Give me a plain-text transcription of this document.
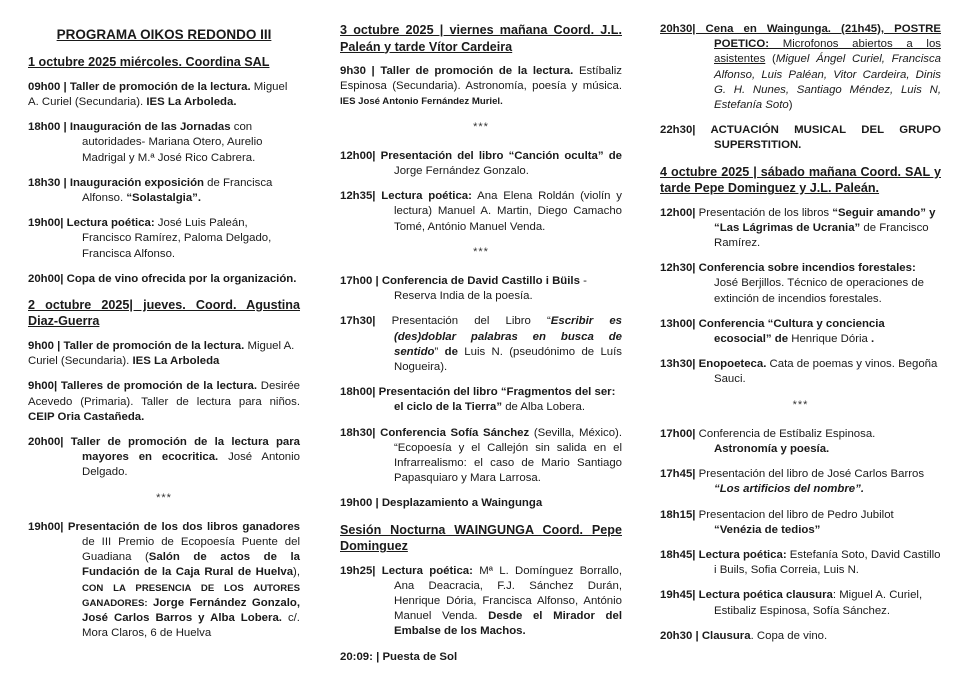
PROGRAMA OIKOS REDONDO III
1 octubre 2025 miércoles. Coordina SAL
09h00 | Taller de promoción de la lectura. Miguel A. Curiel (Secundaria). IES La Arboleda.
18h00 | Inauguración de las Jornadas con autoridades- Mariana Otero, Aurelio Madrigal y M.ª José Rico Cabrera.
18h30 | Inauguración exposición de Francisca Alfonso. “Solastalgia”.
19h00| Lectura poética: José Luis Paleán, Francisco Ramírez, Paloma Delgado, Francisca Alfonso.
20h00| Copa de vino ofrecida por la organización.
2 octubre 2025| jueves. Coord. Agustina Diaz-Guerra
9h00 | Taller de promoción de la lectura. Miguel A. Curiel (Secundaria). IES La Arboleda
9h00| Talleres de promoción de la lectura. Desirée Acevedo (Primaria). Taller de lectura para niños. CEIP Oria Castañeda.
20h00| Taller de promoción de la lectura para mayores en ecocritica. José Antonio Delgado.
***
19h00| Presentación de los dos libros ganadores de III Premio de Ecopoesía Puente del Guadiana (Salón de actos de la Fundación de la Caja Rural de Huelva), CON LA PRESENCIA DE LOS AUTORES GANADORES: Jorge Fernández Gonzalo, José Carlos Barros y Alba Lobera. c/. Mora Claros, 6 de Huelva
3 octubre 2025 | viernes mañana Coord. J.L. Paleán y tarde Vítor Cardeira
9h30 | Taller de promoción de la lectura. Estíbaliz Espinosa (Secundaria). Astronomía, poesía y música. IES José Antonio Fernández Muriel.
***
12h00| Presentación del libro “Canción oculta” de Jorge Fernández Gonzalo.
12h35| Lectura poética: Ana Elena Roldán (violín y lectura) Manuel A. Martin, Diego Camacho Tomé, António Manuel Venda.
***
17h00 | Conferencia de David Castillo i Büils -Reserva India de la poesía.
17h30| Presentación del Libro “Escribir es (des)doblar palabras en busca de sentido” de Luis N. (pseudónimo de Luís Nogueira).
18h00| Presentación del libro “Fragmentos del ser: el ciclo de la Tierra” de Alba Lobera.
18h30| Conferencia Sofía Sánchez (Sevilla, México). “Ecopoesía y el Callejón sin salida en el Infrarrealismo: el caso de Mario Santiago Papasquiaro y Mara Larrosa.
19h00 | Desplazamiento a Waingunga
Sesión Nocturna WAINGUNGA Coord. Pepe Dominguez
19h25| Lectura poética: Mª L. Domínguez Borrallo, Ana Deacracia, F.J. Sánchez Durán, Henrique Dória, Francisca Alfonso, António Manuel Venda. Desde el Mirador del Embalse de los Machos.
20:09: | Puesta de Sol
20h30| Cena en Waingunga. (21h45), POSTRE POETICO: Microfonos abiertos a los asistentes (Miguel Ángel Curiel, Francisca Alfonso, Luis Paléan, Vitor Cardeira, Dinis G. H. Nunes, Santiago Méndez, Luis N, Estefanía Soto)
22h30| ACTUACIÓN MUSICAL DEL GRUPO SUPERSTITION.
4 octubre 2025 | sábado mañana Coord. SAL y tarde Pepe Dominguez y J.L. Paleán.
12h00| Presentación de los libros “Seguir amando” y “Las Lágrimas de Ucrania” de Francisco Ramírez.
12h30| Conferencia sobre incendios forestales: José Berjillos. Técnico de operaciones de extinción de incendios forestales.
13h00| Conferencia “Cultura y conciencia ecosocial” de Henrique Dória .
13h30| Enopoeteca. Cata de poemas y vinos. Begoña Sauci.
***
17h00| Conferencia de Estíbaliz Espinosa. Astronomía y poesía.
17h45| Presentación del libro de José Carlos Barros “Los artificios del nombre”.
18h15| Presentacion del libro de Pedro Jubilot “Venézia de tedios”
18h45| Lectura poética: Estefanía Soto, David Castillo i Buils, Sofia Correia, Luis N.
19h45| Lectura poética clausura: Miguel A. Curiel, Estibaliz Espinosa, Sofía Sánchez.
20h30 | Clausura. Copa de vino.
